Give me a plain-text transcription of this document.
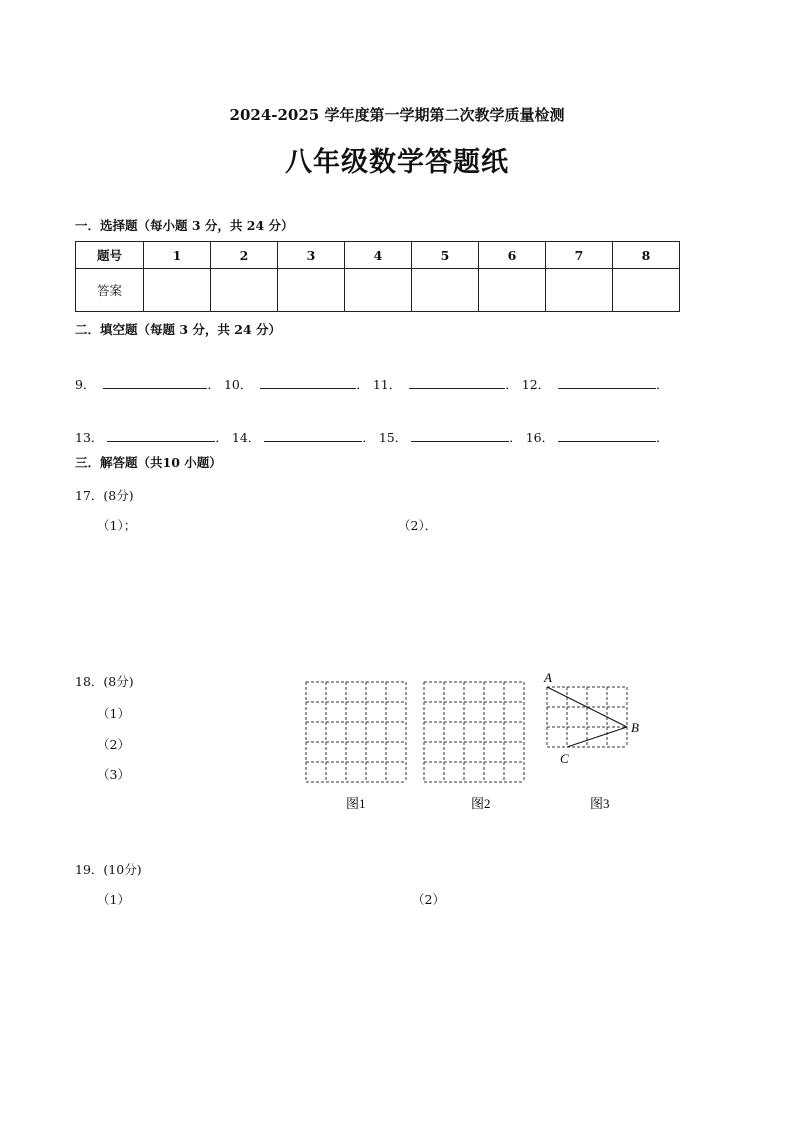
2024-2025 学年度第一学期第二次教学质量检测
八年级数学答题纸
一．选择题（每小题 3 分，共 24 分）
题号	1	2	3	4	5	6	7	8
答案								
二．填空题（每题 3 分，共 24 分）
9．	． 10．	． 11．	． 12．	．
13．	． 14．	． 15．	． 16．	．
三．解答题（共10 小题）
17．(8分)
（1）；	（2）．
18．(8分)
（1）
（2）
（3）
A
B
C
图1	图2	图3
19．(10分)
（1）	（2）
